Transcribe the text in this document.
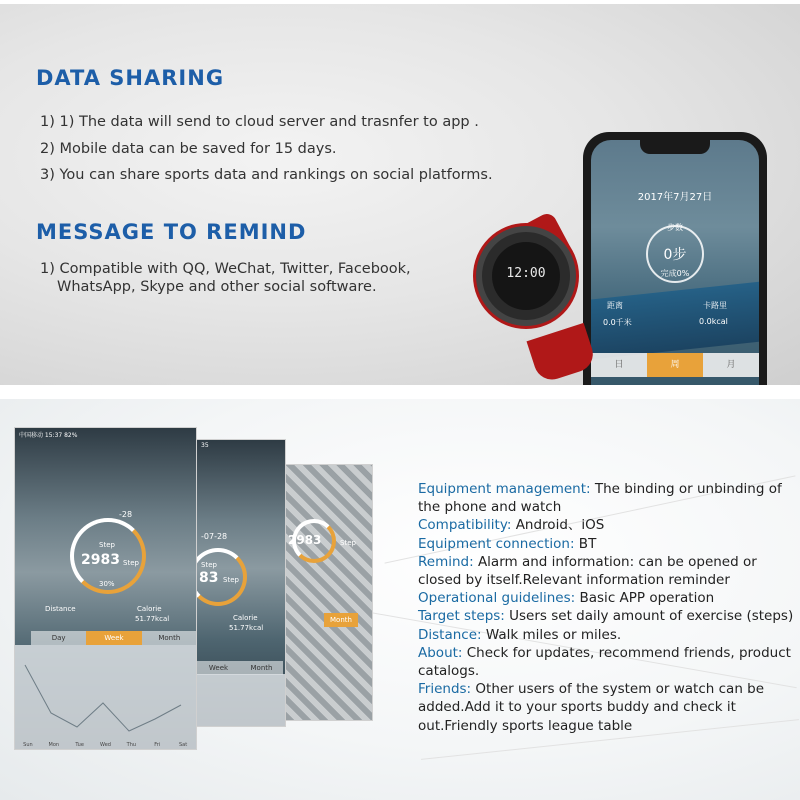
DATA SHARING
1) 1) The data will send to cloud server and trasnfer to app .
2) Mobile data can be saved for 15 days.
3) You can share sports data and rankings on social platforms.
MESSAGE TO REMIND
1) Compatible with QQ, WeChat, Twitter, Facebook,
WhatsApp, Skype and other social software.
2017年7月27日
步数
0步
完成0%
距离
0.0千米
卡路里
0.0kcal
日	周	月
12:00
2983	Step
Month
35
-07-28
Step
83 Step
Calorie
51.77kcal
Week	Month
中国移动 15:37 82%
-28
Step
2983 Step
30%
Distance	Calorie
51.77kcal
Day	Week	Month
Sun	Mon	Tue	Wed	Thu	Fri	Sat
Equipment management: The binding or unbinding of the phone and watch
Compatibility: Android、iOS
Equipment connection: BT
Remind: Alarm and information: can be opened or closed by itself.Relevant information reminder
Operational guidelines: Basic APP operation
Target steps: Users set daily amount of exercise (steps)
Distance: Walk miles or miles.
About: Check for updates, recommend friends, product catalogs.
Friends: Other users of the system or watch can be added.Add it to your sports buddy and check it out.Friendly sports league table
